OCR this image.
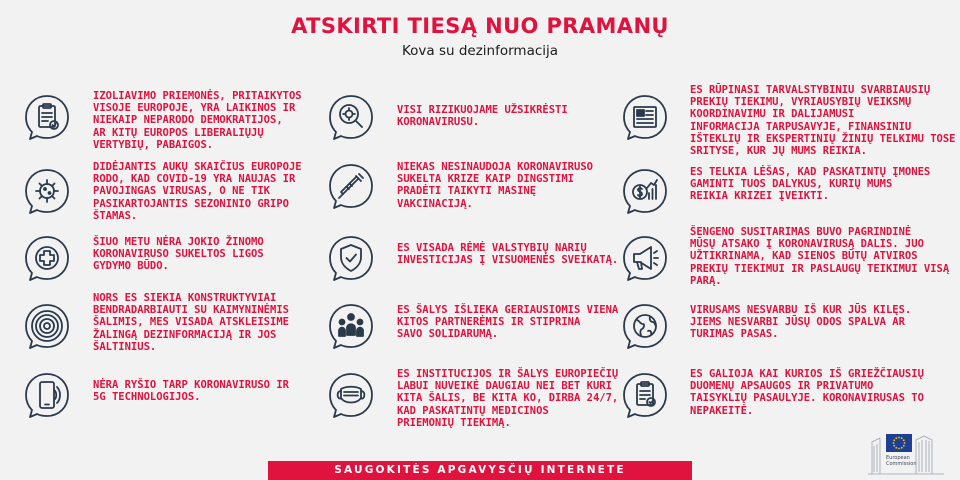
ATSKIRTI TIESĄ NUO PRAMANŲ
Kova su dezinformacija
IZOLIAVIMO PRIEMONĖS, PRITAIKYTOS
VISOJE EUROPOJE, YRA LAIKINOS IR
NIEKAIP NEPARODO DEMOKRATIJOS,
AR KITŲ EUROPOS LIBERALIŲJŲ
VERTYBIŲ, PABAIGOS.
DIDĖJANTIS AUKŲ SKAIČIUS EUROPOJE
RODO, KAD COVID-19 YRA NAUJAS IR
PAVOJINGAS VIRUSAS, O NE TIK
PASIKARTOJANTIS SEZONINIO GRIPO
ŠTAMAS.
ŠIUO METU NĖRA JOKIO ŽINOMO
KORONAVIRUSO SUKELTOS LIGOS
GYDYMO BŪDO.
NORS ES SIEKIA KONSTRUKTYVIAI
BENDRADARBIAUTI SU KAIMYNINĖMIS
ŠALIMIS, MES VISADA ATSKLEISIME
ŽALINGĄ DEZINFORMACIJĄ IR JOS
ŠALTINIUS.
NĖRA RYŠIO TARP KORONAVIRUSO IR
5G TECHNOLOGIJOS.
VISI RIZIKUOJAME UŽSIKRĖSTI
KORONAVIRUSU.
NIEKAS NESINAUDOJA KORONAVIRUSO
SUKELTA KRIZE KAIP DINGSTIMI
PRADĖTI TAIKYTI MASINĘ
VAKCINACIJĄ.
ES VISADA RĖMĖ VALSTYBIŲ NARIŲ
INVESTICIJAS Į VISUOMENĖS SVEIKATĄ.
ES ŠALYS IŠLIEKA GERIAUSIOMIS VIENA
KITOS PARTNERĖMIS IR STIPRINA
SAVO SOLIDARUMĄ.
ES INSTITUCIJOS IR ŠALYS EUROPIEČIŲ
LABUI NUVEIKĖ DAUGIAU NEI BET KURI
KITA ŠALIS, BE KITA KO, DIRBA 24/7,
KAD PASKATINTŲ MEDICINOS
PRIEMONIŲ TIEKIMĄ.
ES RŪPINASI TARVALSTYBINIU SVARBIAUSIŲ
PREKIŲ TIEKIMU, VYRIAUSYBIŲ VEIKSMŲ
KOORDINAVIMU IR DALIJAMUSI
INFORMACIJA TARPUSAVYJE, FINANSINIU
IŠTEKLIŲ IR EKSPERTINIŲ ŽINIŲ TELKIMU TOSE
SRITYSE, KUR JŲ MUMS REIKIA.
ES TELKIA LĖŠAS, KAD PASKATINTŲ ĮMONES
GAMINTI TUOS DALYKUS, KURIŲ MUMS
REIKIA KRIZEI ĮVEIKTI.
ŠENGENO SUSITARIMAS BUVO PAGRINDINĖ
MŪSŲ ATSAKO Į KORONAVIRUSĄ DALIS. JUO
UŽTIKRINAMA, KAD SIENOS BŪTŲ ATVIROS
PREKIŲ TIEKIMUI IR PASLAUGŲ TEIKIMUI VISĄ
PARĄ.
VIRUSAMS NESVARBU IŠ KUR JŪS KILĘS.
JIEMS NESVARBI JŪSŲ ODOS SPALVA AR
TURIMAS PASAS.
ES GALIOJA KAI KURIOS IŠ GRIEŽČIAUSIŲ
DUOMENŲ APSAUGOS IR PRIVATUMO
TAISYKLIŲ PASAULYJE. KORONAVIRUSAS TO
NEPAKEITĖ.
SAUGOKITĖS APGAVYSČIŲ INTERNETE
European
Commission
